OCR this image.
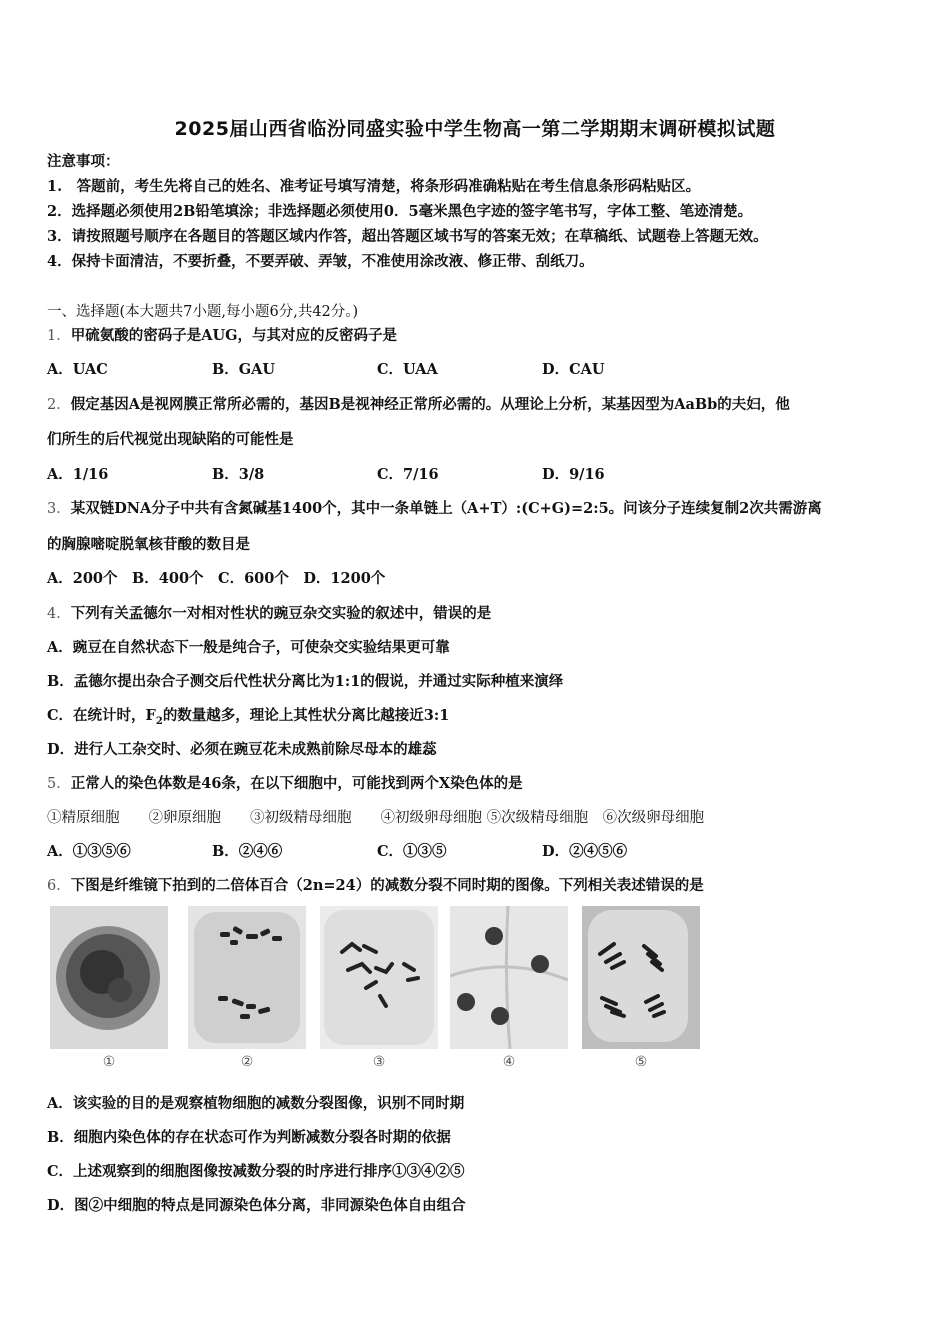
2025届山西省临汾同盛实验中学生物高一第二学期期末调研模拟试题
注意事项：
1.　答题前，考生先将自己的姓名、准考证号填写清楚，将条形码准确粘贴在考生信息条形码粘贴区。
2．选择题必须使用2B铅笔填涂；非选择题必须使用0．5毫米黑色字迹的签字笔书写，字体工整、笔迹清楚。
3．请按照题号顺序在各题目的答题区域内作答，超出答题区域书写的答案无效；在草稿纸、试题卷上答题无效。
4．保持卡面清洁，不要折叠，不要弄破、弄皱，不准使用涂改液、修正带、刮纸刀。
一、选择题(本大题共7小题,每小题6分,共42分。)
1．甲硫氨酸的密码子是AUG，与其对应的反密码子是
A．UAC	B．GAU	C．UAA	D．CAU
2．假定基因A是视网膜正常所必需的，基因B是视神经正常所必需的。从理论上分析，某基因型为AaBb的夫妇，他
们所生的后代视觉出现缺陷的可能性是
A．1/16	B．3/8	C．7/16	D．9/16
3．某双链DNA分子中共有含氮碱基1400个，其中一条单链上（A+T）:(C+G)=2:5。问该分子连续复制2次共需游离
的胸腺嘧啶脱氧核苷酸的数目是
A．200个　B．400个　C．600个　D．1200个
4．下列有关孟德尔一对相对性状的豌豆杂交实验的叙述中，错误的是
A．豌豆在自然状态下一般是纯合子，可使杂交实验结果更可靠
B．孟德尔提出杂合子测交后代性状分离比为1:1的假说，并通过实际种植来演绎
C．在统计时，$F_2$的数量越多，理论上其性状分离比越接近3:1
D．进行人工杂交时、必须在豌豆花未成熟前除尽母本的雄蕊
5．正常人的染色体数是46条，在以下细胞中，可能找到两个X染色体的是
①精原细胞　　②卵原细胞　　③初级精母细胞　　④初级卵母细胞 ⑤次级精母细胞　⑥次级卵母细胞
A．①③⑤⑥	B．②④⑥	C．①③⑤	D．②④⑤⑥
6．下图是纤维镜下拍到的二倍体百合（2n=24）的减数分裂不同时期的图像。下列相关表述错误的是
①	②	③	④	⑤
A．该实验的目的是观察植物细胞的减数分裂图像，识别不同时期
B．细胞内染色体的存在状态可作为判断减数分裂各时期的依据
C．上述观察到的细胞图像按减数分裂的时序进行排序①③④②⑤
D．图②中细胞的特点是同源染色体分离，非同源染色体自由组合
